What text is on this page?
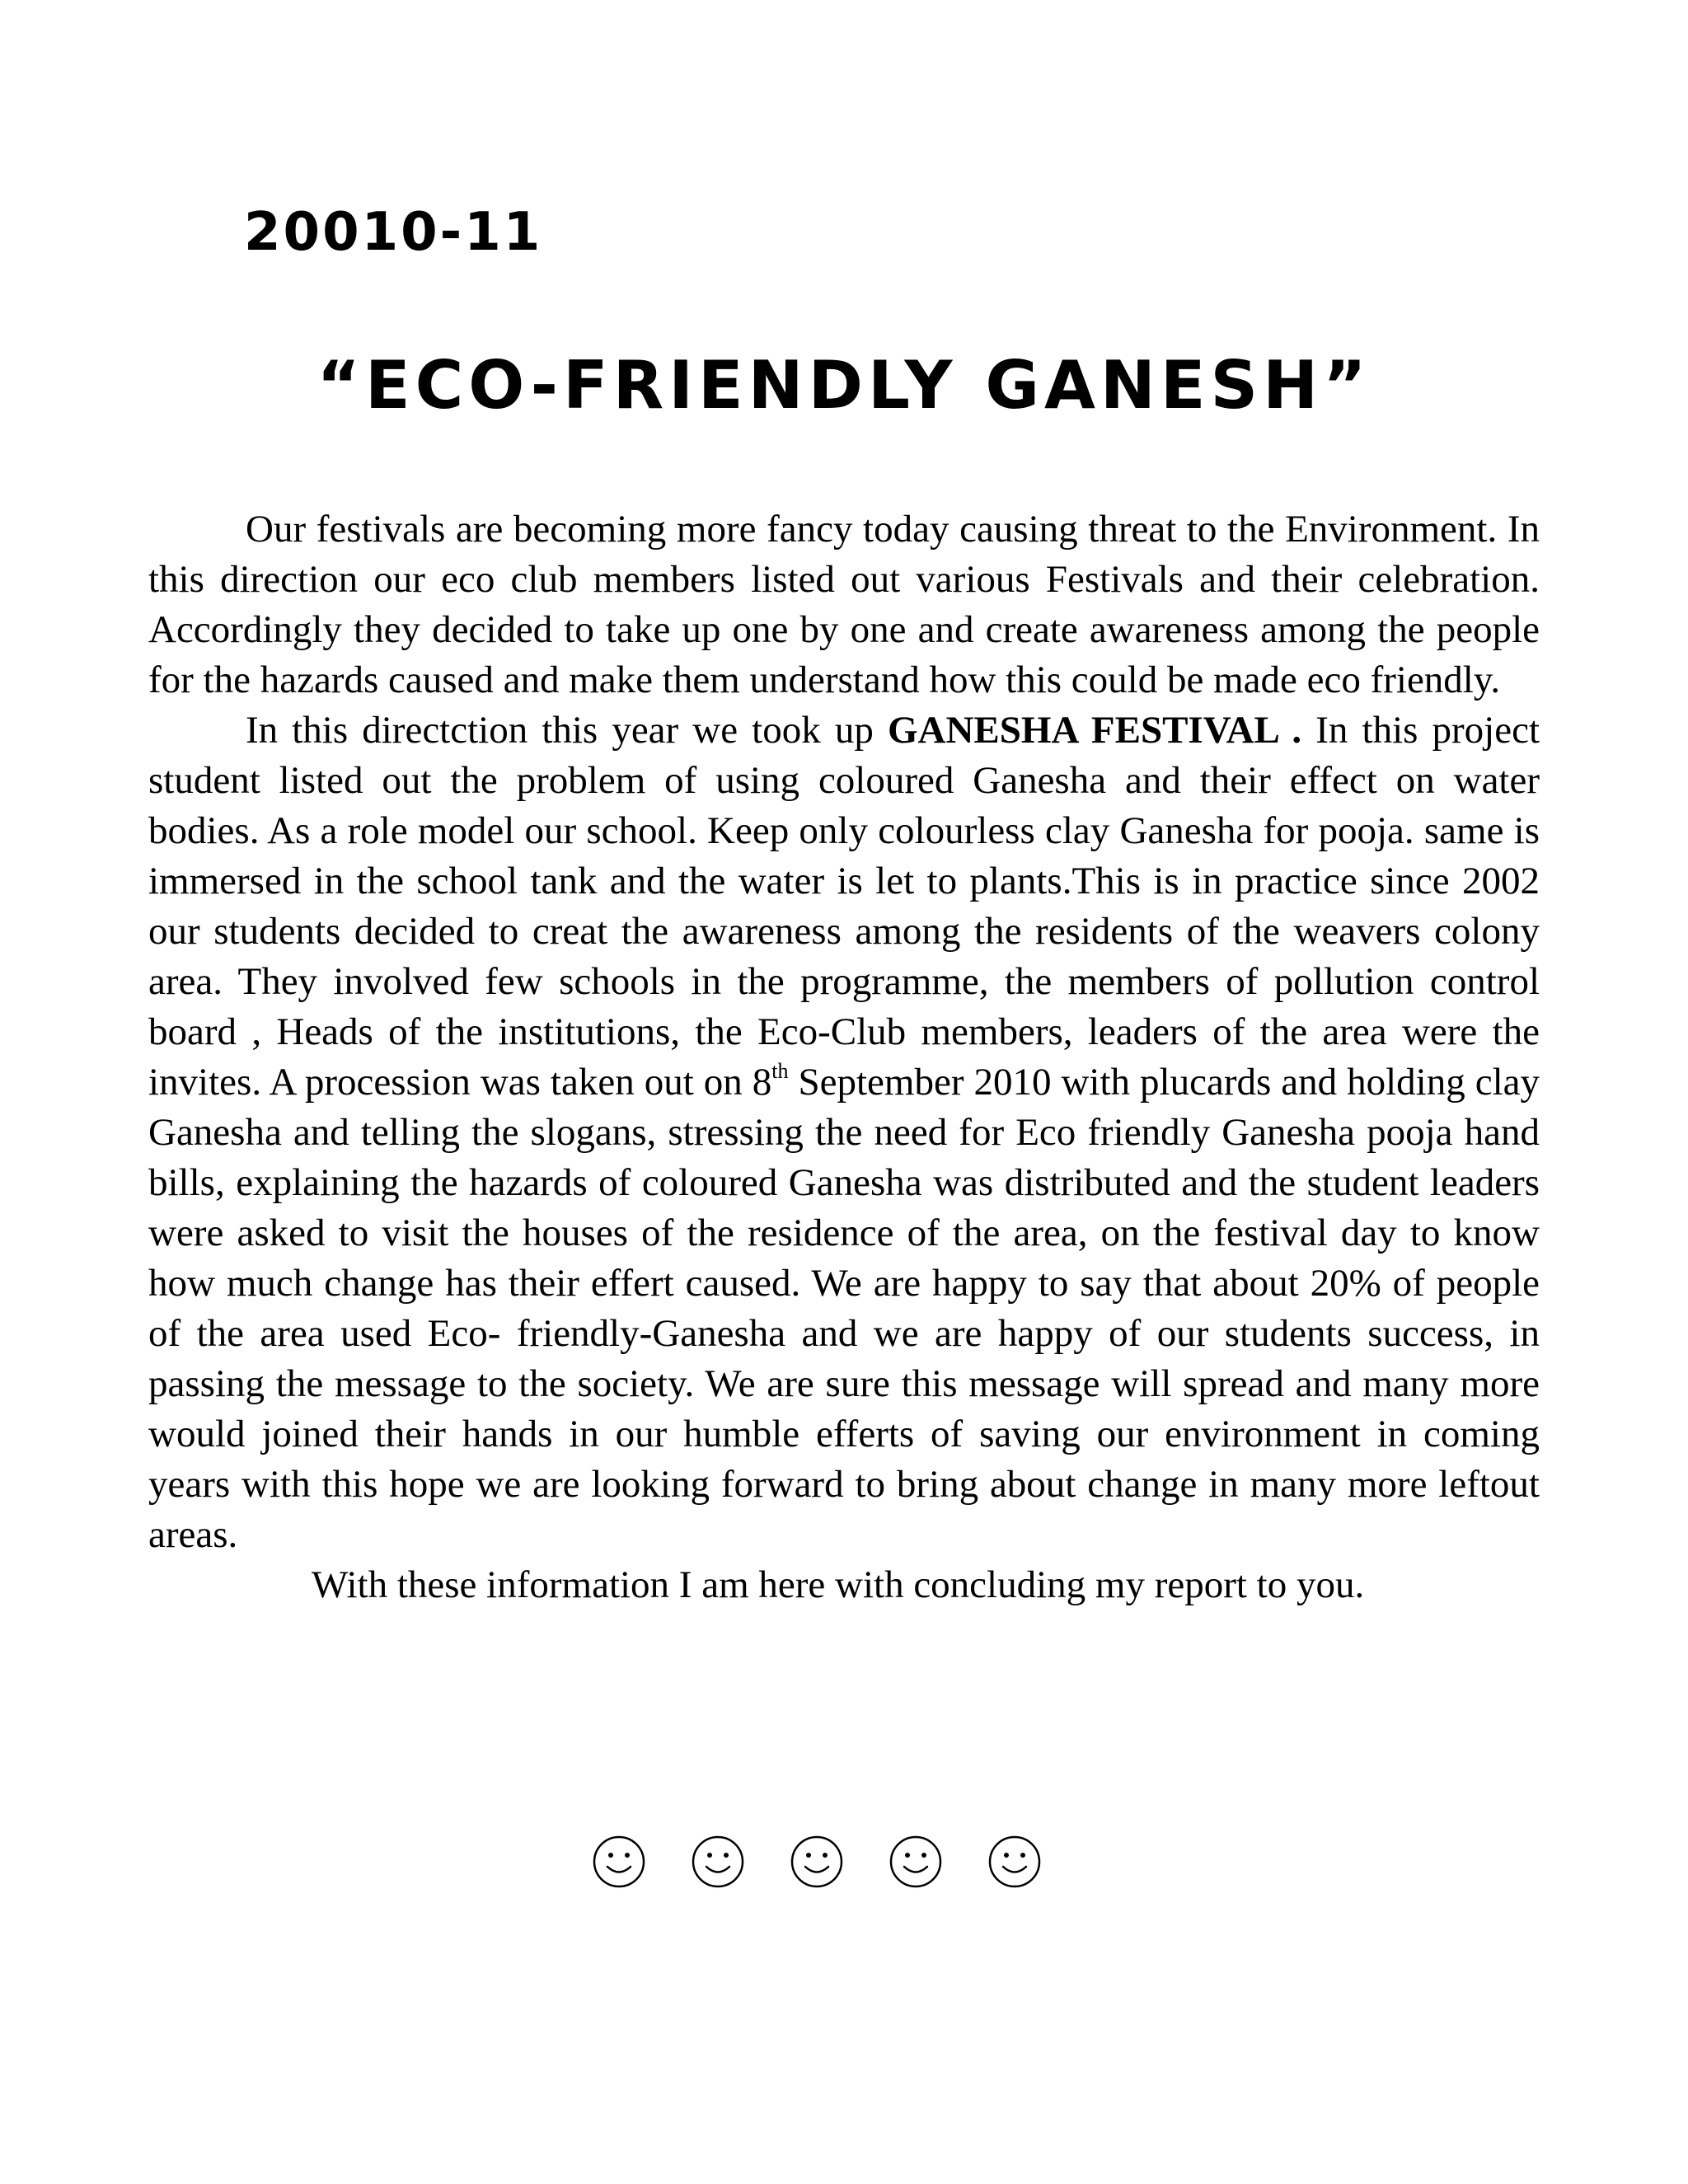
20010-11
“ECO-FRIENDLY GANESH”

Our festivals are becoming more fancy today causing threat to the Environment. In this direction our eco club members listed out various Festivals and their celebration. Accordingly they decided to take up one by one and create awareness among the people for the hazards caused and make them understand how this could be made eco friendly.

In this directction this year we took up GANESHA FESTIVAL . In this project student listed out the problem of using coloured Ganesha and their effect on water bodies. As a role model our school. Keep only colourless clay Ganesha for pooja. same is immersed in the school tank and the water is let to plants.This is in practice since 2002 our students decided to creat the awareness among the residents of the weavers colony area. They involved few schools in the programme, the members of pollution control board , Heads of the institutions, the Eco-Club members, leaders of the area were the invites. A procession was taken out on 8th September 2010 with plucards and holding clay Ganesha and telling the slogans, stressing the need for Eco friendly Ganesha pooja hand bills, explaining the hazards of coloured Ganesha was distributed and the student leaders were asked to visit the houses of the residence of the area, on the festival day to know how much change has their effert caused. We are happy to say that about 20% of people of the area used Eco- friendly-Ganesha and we are happy of our students success, in passing the message to the society. We are sure this message will spread and many more would joined their hands in our humble efferts of saving our environment in coming years with this hope we are looking forward to bring about change in many more leftout areas.

With these information I am here with concluding my report to you.
